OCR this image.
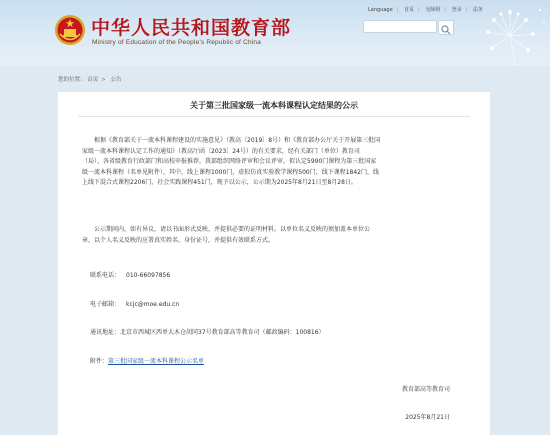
中华人民共和国教育部
Ministry of Education of the People's Republic of China
Language | 首页 | 无障碍 | 登录 | 法务
您的位置： 首页 > 公告
关于第三批国家级一流本科课程认定结果的公示

根据《教育部关于一流本科课程建设的实施意见》（教高〔2019〕8号）和《教育部办公厅关于开展第三批国
家级一流本科课程认定工作的通知》（教高厅函〔2023〕24号）的有关要求，经有关部门（单位）教育司
（局）、各省级教育行政部门和高校申报推荐，我部组织网络评审和会议评审，拟认定5990门课程为第三批国家
级一流本科课程（名单见附件），其中，线上课程1000门，虚拟仿真实验教学课程500门，线下课程1842门，线
上线下混合式课程2206门，社会实践课程451门，现予以公示，公示期为2025年8月21日至8月28日。

公示期间内，如有异议，请以书面形式反映，并提供必要的证明材料。以单位名义反映的须加盖本单位公
章，以个人名义反映的应署真实姓名、身份证号，并提供有效联系方式。

联系电话： 010-66097856

电子邮箱： kcjc@moe.edu.cn

通讯地址：北京市西城区西单大木仓胡同37号教育部高等教育司（邮政编码：100816）

附件：第三批国家级一流本科课程公示名单

教育部高等教育司

2025年8月21日
